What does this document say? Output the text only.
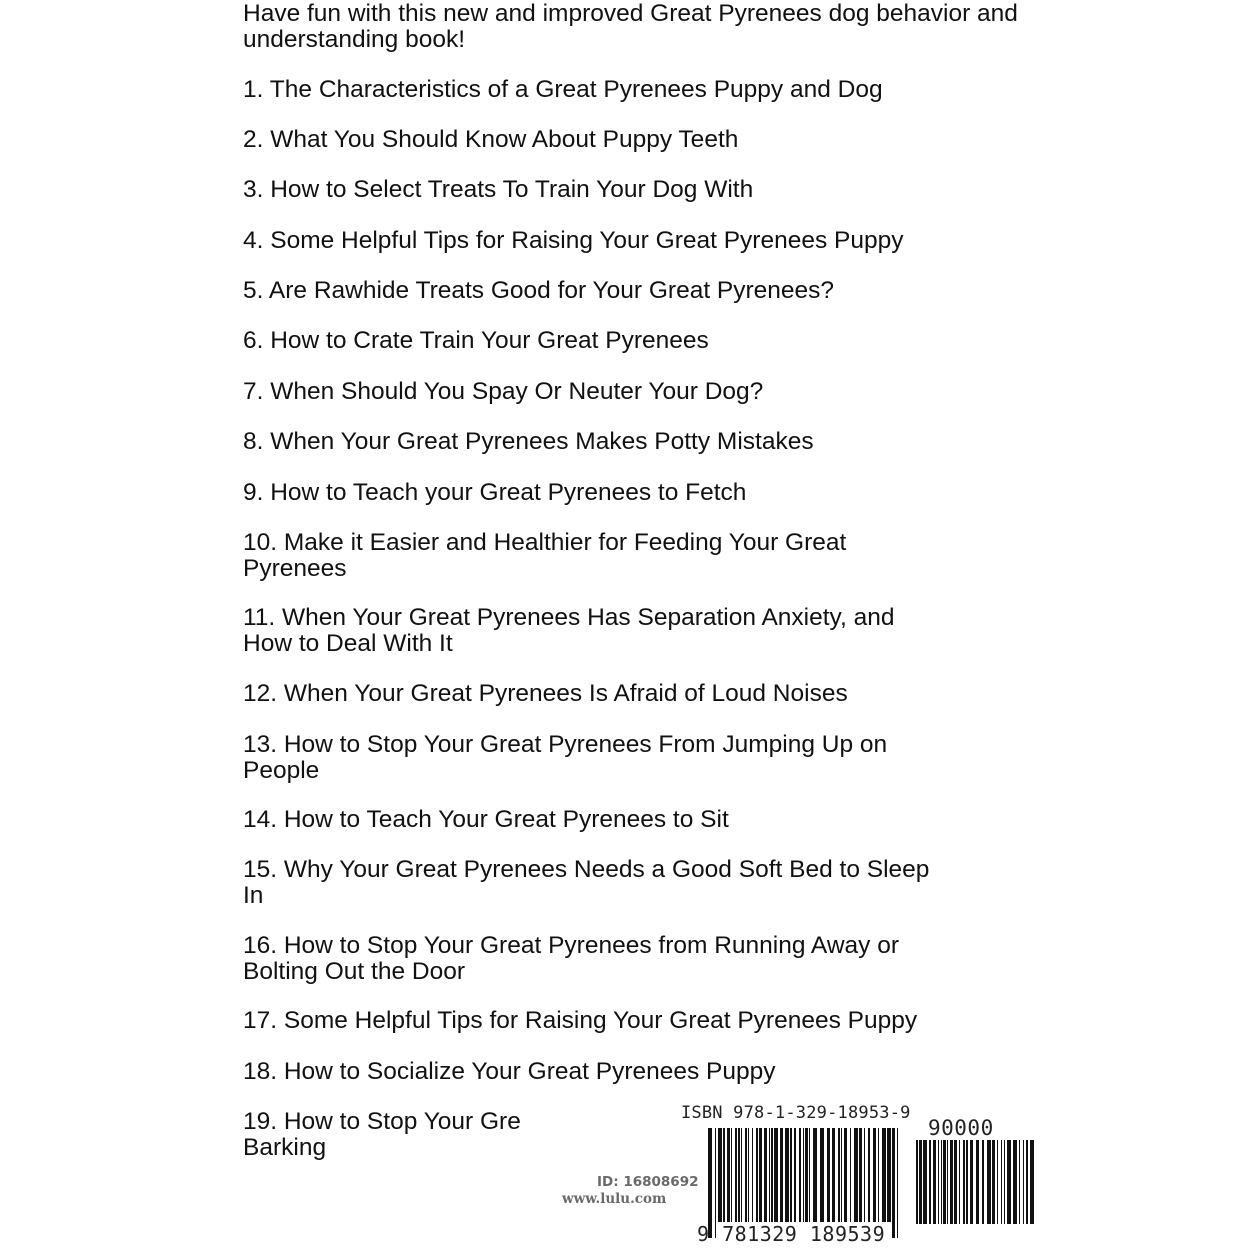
Have fun with this new and improved Great Pyrenees dog behavior and understanding book!

1. The Characteristics of a Great Pyrenees Puppy and Dog

2. What You Should Know About Puppy Teeth

3. How to Select Treats To Train Your Dog With

4. Some Helpful Tips for Raising Your Great Pyrenees Puppy

5. Are Rawhide Treats Good for Your Great Pyrenees?

6. How to Crate Train Your Great Pyrenees

7. When Should You Spay Or Neuter Your Dog?

8. When Your Great Pyrenees Makes Potty Mistakes

9. How to Teach your Great Pyrenees to Fetch

10. Make it Easier and Healthier for Feeding Your Great
Pyrenees

11. When Your Great Pyrenees Has Separation Anxiety, and
How to Deal With It

12. When Your Great Pyrenees Is Afraid of Loud Noises

13. How to Stop Your Great Pyrenees From Jumping Up on
People

14. How to Teach Your Great Pyrenees to Sit

15. Why Your Great Pyrenees Needs a Good Soft Bed to Sleep
In

16. How to Stop Your Great Pyrenees from Running Away or
Bolting Out the Door

17. Some Helpful Tips for Raising Your Great Pyrenees Puppy

18. How to Socialize Your Great Pyrenees Puppy

19. How to Stop Your Gre
Barking

ID: 16808692
www.lulu.com
ISBN 978-1-329-18953-9
90000
9 781329 189539
